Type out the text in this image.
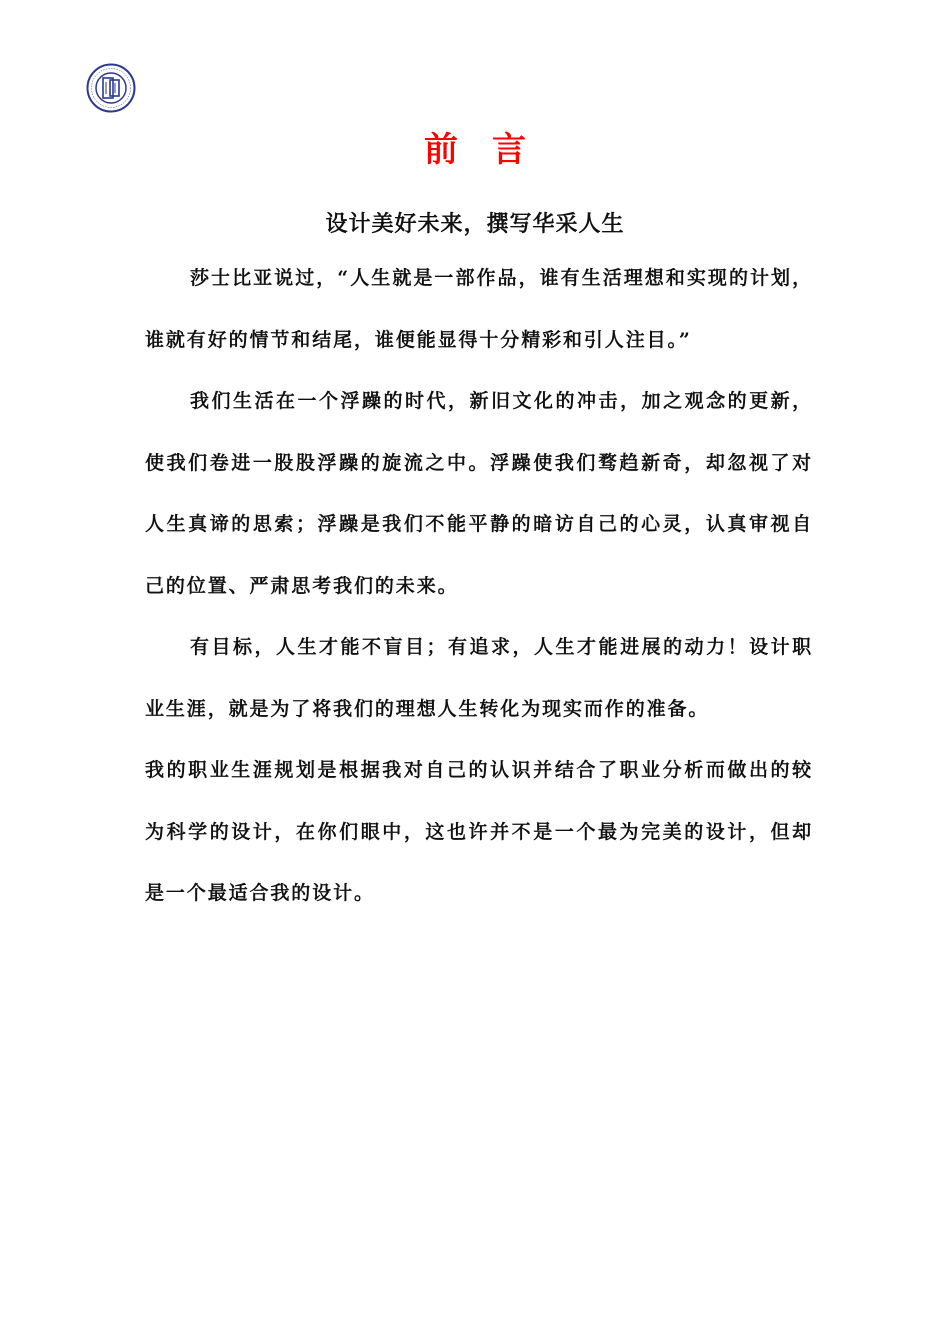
前言
设计美好未来，撰写华采人生

莎士比亚说过，“人生就是一部作品，谁有生活理想和实现的计划，谁就有好的情节和结尾，谁便能显得十分精彩和引人注目。”

我们生活在一个浮躁的时代，新旧文化的冲击，加之观念的更新，使我们卷进一股股浮躁的旋流之中。浮躁使我们骛趋新奇，却忽视了对人生真谛的思索；浮躁是我们不能平静的暗访自己的心灵，认真审视自己的位置、严肃思考我们的未来。

有目标，人生才能不盲目；有追求，人生才能进展的动力！设计职业生涯，就是为了将我们的理想人生转化为现实而作的准备。

我的职业生涯规划是根据我对自己的认识并结合了职业分析而做出的较为科学的设计，在你们眼中，这也许并不是一个最为完美的设计，但却是一个最适合我的设计。
